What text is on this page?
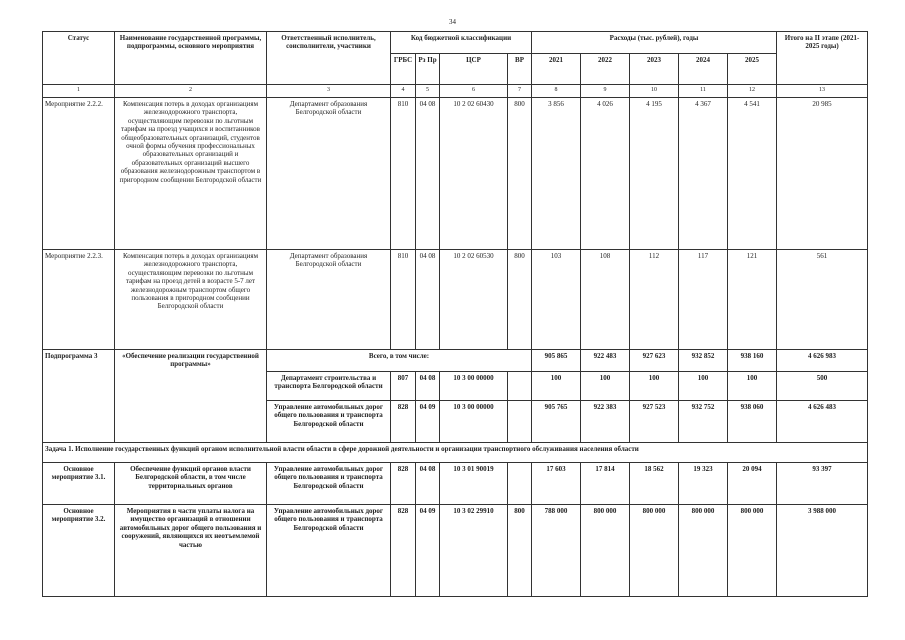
34
Статус	Наименование государственной программы, подпрограммы, основного мероприятия	Ответственный исполнитель, соисполнители, участники	Код бюджетной классификации				Расходы (тыс. рублей), годы					Итого на II этапе (2021-2025 годы)
			ГРБС	Рз Пр	ЦСР	ВР	2021	2022	2023	2024	2025	
1	2	3	4	5	6	7	8	9	10	11	12	13
Мероприятие 2.2.2.	Компенсация потерь в доходах организациям железнодорожного транспорта, осуществляющим перевозки по льготным тарифам на проезд учащихся и воспитанников общеобразовательных организаций, студентов очной формы обучения профессиональных образовательных организаций и образовательных организаций высшего образования железнодорожным транспортом в пригородном сообщении Белгородской области	Департамент образования Белгородской области	810	04 08	10 2 02 60430	800	3 856	4 026	4 195	4 367	4 541	20 985
Мероприятие 2.2.3.	Компенсация потерь в доходах организациям железнодорожного транспорта, осуществляющим перевозки по льготным тарифам на проезд детей в возрасте 5-7 лет железнодорожным транспортом общего пользования в пригородном сообщении Белгородской области	Департамент образования Белгородской области	810	04 08	10 2 02 60530	800	103	108	112	117	121	561
Подпрограмма 3	«Обеспечение реализации государственной программы»	Всего, в том числе:					905 865	922 483	927 623	932 852	938 160	4 626 983
		Департамент строительства и транспорта Белгородской области	807	04 08	10 3 00 00000		100	100	100	100	100	500
		Управление автомобильных дорог общего пользования и транспорта Белгородской области	828	04 09	10 3 00 00000		905 765	922 383	927 523	932 752	938 060	4 626 483
Задача 1. Исполнение государственных функций органом исполнительной власти области в сфере дорожной деятельности и организации транспортного обслуживания населения области												
Основное мероприятие 3.1.	Обеспечение функций органов власти Белгородской области, в том числе территориальных органов	Управление автомобильных дорог общего пользования и транспорта Белгородской области	828	04 08	10 3 01 90019		17 603	17 814	18 562	19 323	20 094	93 397
Основное мероприятие 3.2.	Мероприятия в части уплаты налога на имущество организаций в отношении автомобильных дорог общего пользования и сооружений, являющихся их неотъемлемой частью	Управление автомобильных дорог общего пользования и транспорта Белгородской области	828	04 09	10 3 02 29910	800	788 000	800 000	800 000	800 000	800 000	3 988 000
